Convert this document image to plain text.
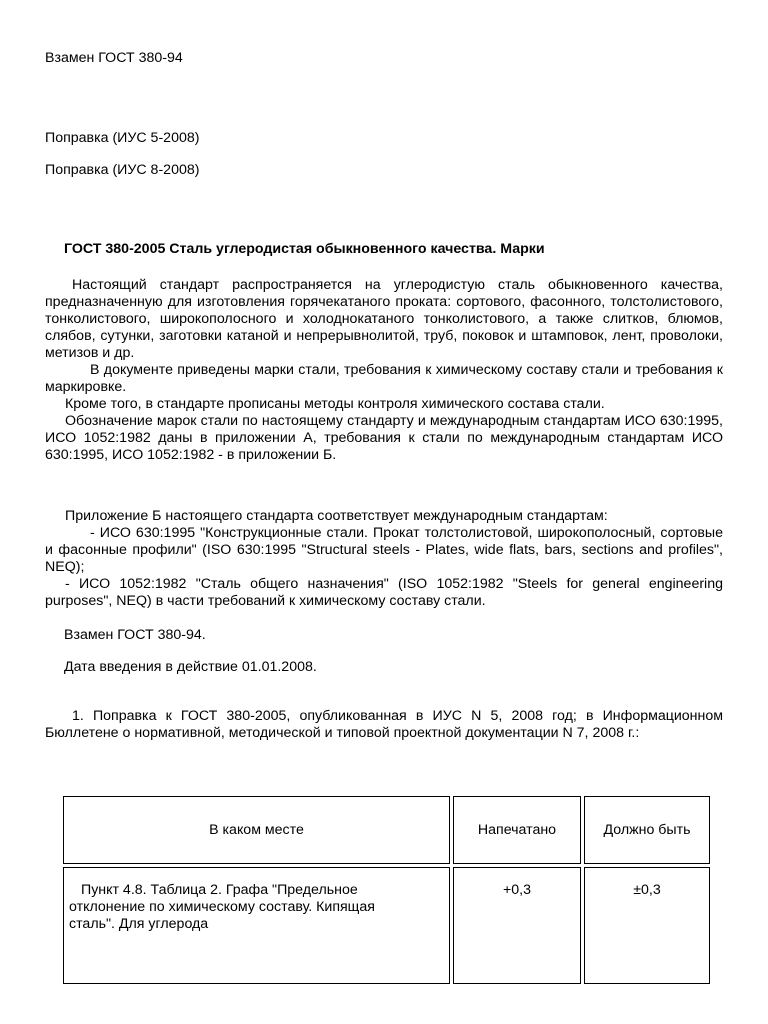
Взамен ГОСТ 380-94
Поправка (ИУС 5-2008)
Поправка (ИУС 8-2008)
ГОСТ 380-2005 Сталь углеродистая обыкновенного качества. Марки

Настоящий стандарт распространяется на углеродистую сталь обыкновенного качества, предназначенную для изготовления горячекатаного проката: сортового, фасонного, толстолистового, тонколистового, широкополосного и холоднокатаного тонколистового, а также слитков, блюмов, слябов, сутунки, заготовки катаной и непрерывнолитой, труб, поковок и штамповок, лент, проволоки, метизов и др.

В документе приведены марки стали, требования к химическому составу стали и требования к маркировке.

Кроме того, в стандарте прописаны методы контроля химического состава стали.

Обозначение марок стали по настоящему стандарту и международным стандартам ИСО 630:1995, ИСО 1052:1982 даны в приложении А, требования к стали по международным стандартам ИСО 630:1995, ИСО 1052:1982 - в приложении Б.

Приложение Б настоящего стандарта соответствует международным стандартам:

- ИСО 630:1995 "Конструкционные стали. Прокат толстолистовой, широкополосный, сортовые и фасонные профили" (ISO 630:1995 "Structural steels - Plates, wide flats, bars, sections and profiles", NEQ);

- ИСО 1052:1982 "Сталь общего назначения" (ISO 1052:1982 "Steels for general engineering purposes", NEQ) в части требований к химическому составу стали.

Взамен ГОСТ 380-94.
Дата введения в действие 01.01.2008.

1. Поправка к ГОСТ 380-2005, опубликованная в ИУС N 5, 2008 год; в Информационном Бюллетене о нормативной, методической и типовой проектной документации N 7, 2008 г.:

В каком месте	Напечатано	Должно быть

Пункт 4.8. Таблица 2. Графа "Предельное отклонение по химическому составу. Кипящая сталь". Для углерода	+0,3	±0,3
